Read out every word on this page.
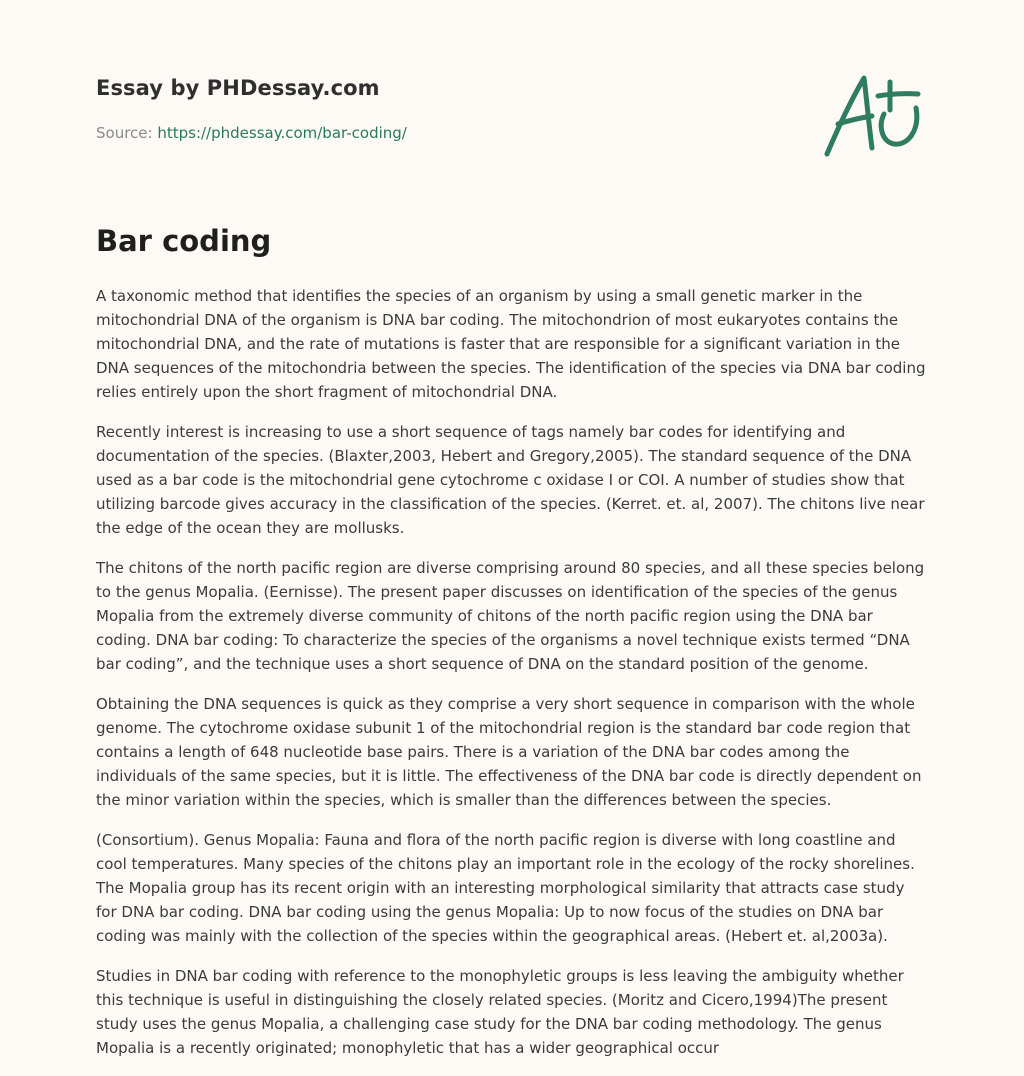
Essay by PHDessay.com
Source: https://phdessay.com/bar-coding/
Bar coding

A taxonomic method that identifies the species of an organism by using a small genetic marker in the mitochondrial DNA of the organism is DNA bar coding. The mitochondrion of most eukaryotes contains the mitochondrial DNA, and the rate of mutations is faster that are responsible for a significant variation in the DNA sequences of the mitochondria between the species. The identification of the species via DNA bar coding relies entirely upon the short fragment of mitochondrial DNA.

Recently interest is increasing to use a short sequence of tags namely bar codes for identifying and documentation of the species. (Blaxter,2003, Hebert and Gregory,2005). The standard sequence of the DNA used as a bar code is the mitochondrial gene cytochrome c oxidase I or COI. A number of studies show that utilizing barcode gives accuracy in the classification of the species. (Kerret. et. al, 2007). The chitons live near the edge of the ocean they are mollusks.

The chitons of the north pacific region are diverse comprising around 80 species, and all these species belong to the genus Mopalia. (Eernisse). The present paper discusses on identification of the species of the genus Mopalia from the extremely diverse community of chitons of the north pacific region using the DNA bar coding. DNA bar coding: To characterize the species of the organisms a novel technique exists termed “DNA bar coding”, and the technique uses a short sequence of DNA on the standard position of the genome.

Obtaining the DNA sequences is quick as they comprise a very short sequence in comparison with the whole genome. The cytochrome oxidase subunit 1 of the mitochondrial region is the standard bar code region that contains a length of 648 nucleotide base pairs. There is a variation of the DNA bar codes among the individuals of the same species, but it is little. The effectiveness of the DNA bar code is directly dependent on the minor variation within the species, which is smaller than the differences between the species.

(Consortium). Genus Mopalia: Fauna and flora of the north pacific region is diverse with long coastline and cool temperatures. Many species of the chitons play an important role in the ecology of the rocky shorelines. The Mopalia group has its recent origin with an interesting morphological similarity that attracts case study for DNA bar coding. DNA bar coding using the genus Mopalia: Up to now focus of the studies on DNA bar coding was mainly with the collection of the species within the geographical areas. (Hebert et. al,2003a).

Studies in DNA bar coding with reference to the monophyletic groups is less leaving the ambiguity whether this technique is useful in distinguishing the closely related species. (Moritz and Cicero,1994)The present study uses the genus Mopalia, a challenging case study for the DNA bar coding methodology. The genus Mopalia is a recently originated; monophyletic that has a wider geographical occur
